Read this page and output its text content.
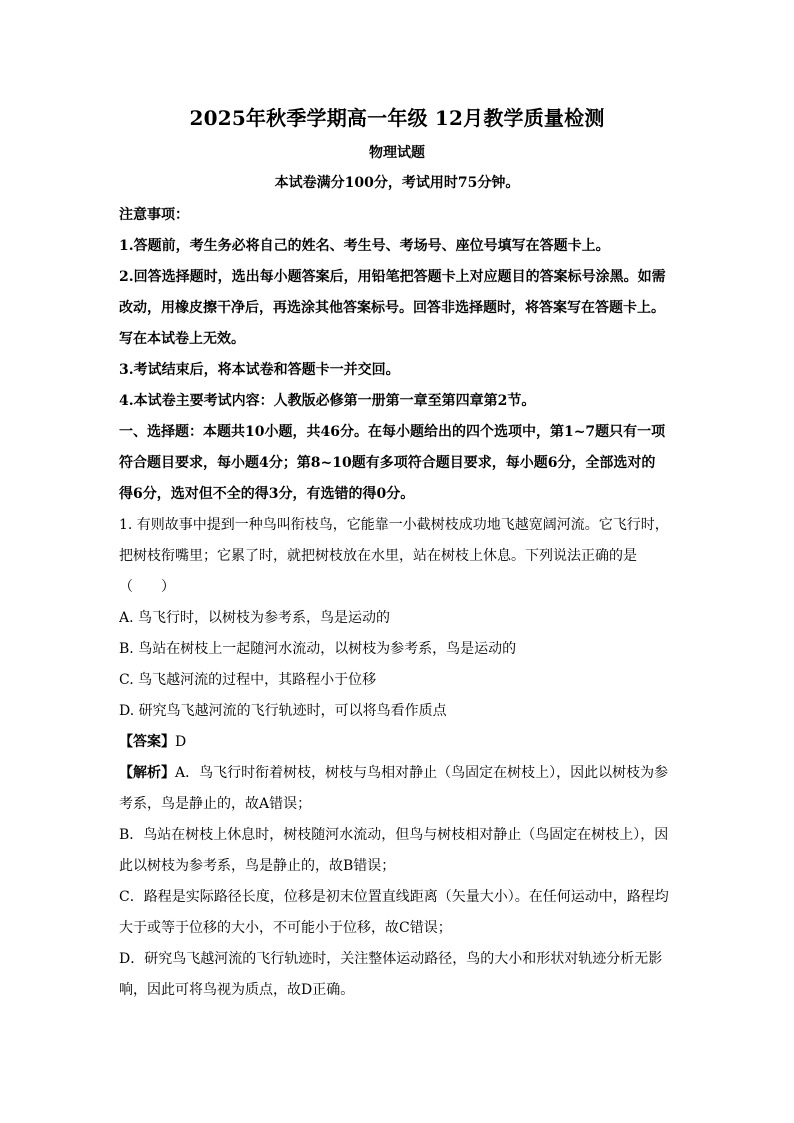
2025年秋季学期高一年级 12月教学质量检测
物理试题
本试卷满分100分，考试用时75分钟。
注意事项：
1.答题前，考生务必将自己的姓名、考生号、考场号、座位号填写在答题卡上。
2.回答选择题时，选出每小题答案后，用铅笔把答题卡上对应题目的答案标号涂黑。如需
改动，用橡皮擦干净后，再选涂其他答案标号。回答非选择题时，将答案写在答题卡上。
写在本试卷上无效。
3.考试结束后，将本试卷和答题卡一并交回。
4.本试卷主要考试内容：人教版必修第一册第一章至第四章第2节。
一、选择题：本题共10小题，共46分。在每小题给出的四个选项中，第1~7题只有一项
符合题目要求，每小题4分；第8~10题有多项符合题目要求，每小题6分，全部选对的
得6分，选对但不全的得3分，有选错的得0分。
1. 有则故事中提到一种鸟叫衔枝鸟，它能靠一小截树枝成功地飞越宽阔河流。它飞行时，
把树枝衔嘴里；它累了时，就把树枝放在水里，站在树枝上休息。下列说法正确的是
（　　）
A. 鸟飞行时，以树枝为参考系，鸟是运动的
B. 鸟站在树枝上一起随河水流动，以树枝为参考系，鸟是运动的
C. 鸟飞越河流的过程中，其路程小于位移
D. 研究鸟飞越河流的飞行轨迹时，可以将鸟看作质点
【答案】D
【解析】A．鸟飞行时衔着树枝，树枝与鸟相对静止（鸟固定在树枝上），因此以树枝为参
考系，鸟是静止的，故A错误；
B．鸟站在树枝上休息时，树枝随河水流动，但鸟与树枝相对静止（鸟固定在树枝上），因
此以树枝为参考系，鸟是静止的，故B错误；
C．路程是实际路径长度，位移是初末位置直线距离（矢量大小）。在任何运动中，路程均
大于或等于位移的大小，不可能小于位移，故C错误；
D．研究鸟飞越河流的飞行轨迹时，关注整体运动路径，鸟的大小和形状对轨迹分析无影
响，因此可将鸟视为质点，故D正确。
